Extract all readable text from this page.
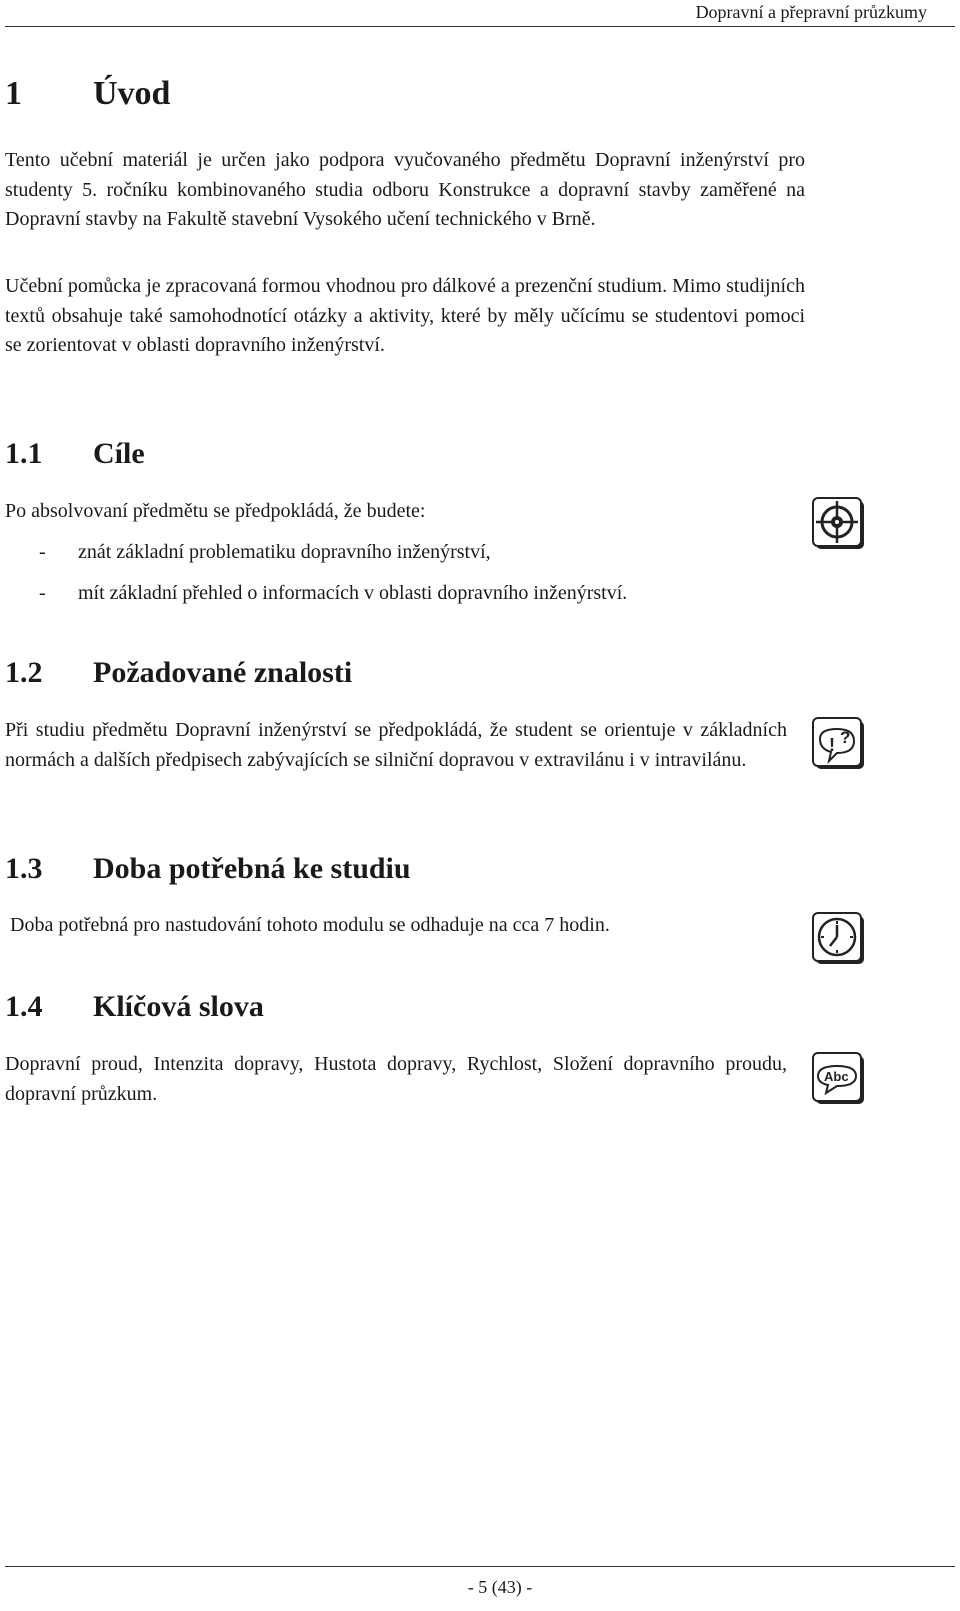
Dopravní a přepravní průzkumy
1 Úvod

Tento učební materiál je určen jako podpora vyučovaného předmětu Dopravní inženýrství pro studenty 5. ročníku kombinovaného studia odboru Konstrukce a dopravní stavby zaměřené na Dopravní stavby na Fakultě stavební Vysokého učení technického v Brně.

Učební pomůcka je zpracovaná formou vhodnou pro dálkové a prezenční studium. Mimo studijních textů obsahuje také samohodnotící otázky a aktivity, které by měly učícímu se studentovi pomoci se zorientovat v oblasti dopravního inženýrství.

1.1 Cíle

Po absolvovaní předmětu se předpokládá, že budete:

-	znát základní problematiku dopravního inženýrství,
-	mít základní přehled o informacích v oblasti dopravního inženýrství.
1.2 Požadované znalosti

Při studiu předmětu Dopravní inženýrství se předpokládá, že student se orientuje v základních normách a dalších předpisech zabývajících se silniční dopravou v extravilánu i v intravilánu.

?
!
1.3 Doba potřebná ke studiu

Doba potřebná pro nastudování tohoto modulu se odhaduje na cca 7 hodin.

1.4 Klíčová slova

Dopravní proud, Intenzita dopravy, Hustota dopravy, Rychlost, Složení dopravního proudu, dopravní průzkum.

Abc
- 5 (43) -
